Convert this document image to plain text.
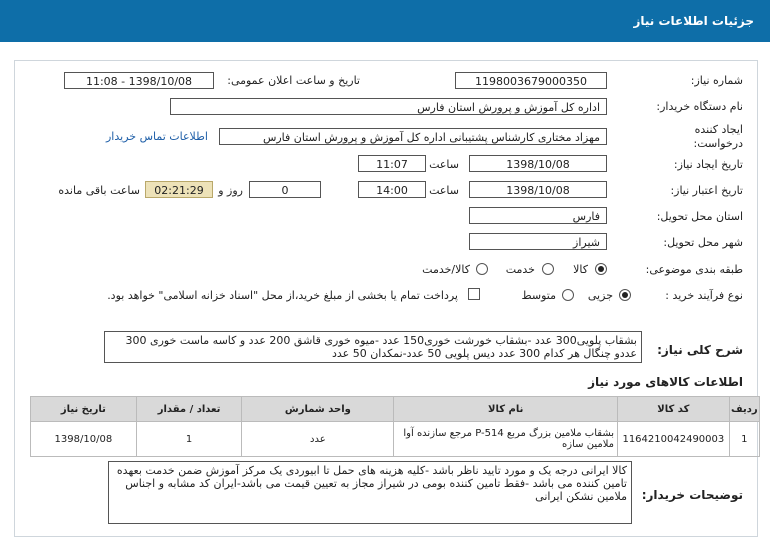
جزئیات اطلاعات نیاز
شماره نیاز:
1198003679000350
تاریخ و ساعت اعلان عمومی:
1398/10/08 - 11:08
نام دستگاه خریدار:
اداره کل آموزش و پرورش استان فارس
ایجاد کننده
درخواست:
مهزاد مختاری کارشناس پشتیبانی اداره کل آموزش و پرورش استان فارس
اطلاعات تماس خریدار
تاریخ ایجاد نیاز:
1398/10/08
ساعت
11:07
تاریخ اعتبار نیاز:
1398/10/08
ساعت
14:00
0
روز و
02:21:29
ساعت باقی مانده
استان محل تحویل:
فارس
شهر محل تحویل:
شیراز
طبقه بندی موضوعی:
کالا
خدمت
کالا/خدمت
نوع فرآیند خرید :
جزیی
متوسط
پرداخت تمام یا بخشی از مبلغ خرید،از محل "اسناد خزانه اسلامی" خواهد بود.
شرح کلی نیاز:
بشقاب پلویی300 عدد -بشقاب خورشت خوری150 عدد -میوه خوری قاشق 200 عدد و کاسه ماست خوری 300 عددو چنگال هر کدام 300 عدد دیس پلویی 50 عدد-نمکدان 50 عدد
اطلاعات کالاهای مورد نیاز
ردیف	کد کالا	نام کالا	واحد شمارش	تعداد / مقدار	تاریخ نیاز
1	1164210042490003	بشقاب ملامین بزرگ مربع P-514 مرجع سازنده آوا ملامین سازه	عدد	1	1398/10/08
توضیحات خریدار:
کالا ایرانی درجه یک و مورد تایید ناظر باشد -کلیه هزینه های حمل تا ابیوردی یک مرکز آموزش ضمن خدمت بعهده تامین کننده می باشد -فقط تامین کننده بومی در شیراز مجاز به تعیین قیمت می باشد-ایران کد مشابه و اجناس ملامین نشکن ایرانی
